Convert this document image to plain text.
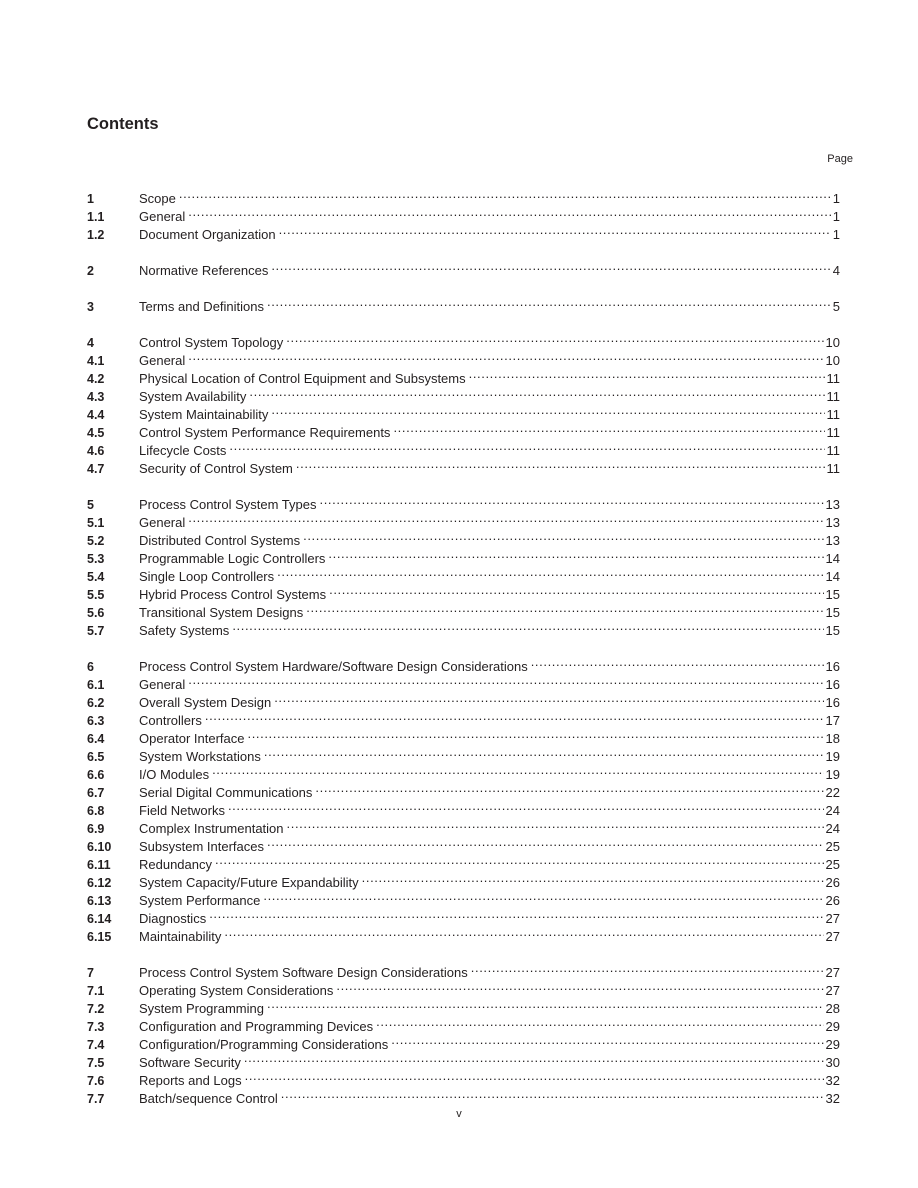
Contents
Page
1	Scope .....	1
1.1	General .....	1
1.2	Document Organization .....	1
2	Normative References .....	4
3	Terms and Definitions .....	5
4	Control System Topology .....	10
4.1	General .....	10
4.2	Physical Location of Control Equipment and Subsystems .....	11
4.3	System Availability .....	11
4.4	System Maintainability .....	11
4.5	Control System Performance Requirements .....	11
4.6	Lifecycle Costs .....	11
4.7	Security of Control System .....	11
5	Process Control System Types .....	13
5.1	General .....	13
5.2	Distributed Control Systems .....	13
5.3	Programmable Logic Controllers .....	14
5.4	Single Loop Controllers .....	14
5.5	Hybrid Process Control Systems .....	15
5.6	Transitional System Designs .....	15
5.7	Safety Systems .....	15
6	Process Control System Hardware/Software Design Considerations .....	16
6.1	General .....	16
6.2	Overall System Design .....	16
6.3	Controllers .....	17
6.4	Operator Interface .....	18
6.5	System Workstations .....	19
6.6	I/O Modules .....	19
6.7	Serial Digital Communications .....	22
6.8	Field Networks .....	24
6.9	Complex Instrumentation .....	24
6.10	Subsystem Interfaces .....	25
6.11	Redundancy .....	25
6.12	System Capacity/Future Expandability .....	26
6.13	System Performance .....	26
6.14	Diagnostics .....	27
6.15	Maintainability .....	27
7	Process Control System Software Design Considerations .....	27
7.1	Operating System Considerations .....	27
7.2	System Programming .....	28
7.3	Configuration and Programming Devices .....	29
7.4	Configuration/Programming Considerations .....	29
7.5	Software Security .....	30
7.6	Reports and Logs .....	32
7.7	Batch/sequence Control .....	32
v
